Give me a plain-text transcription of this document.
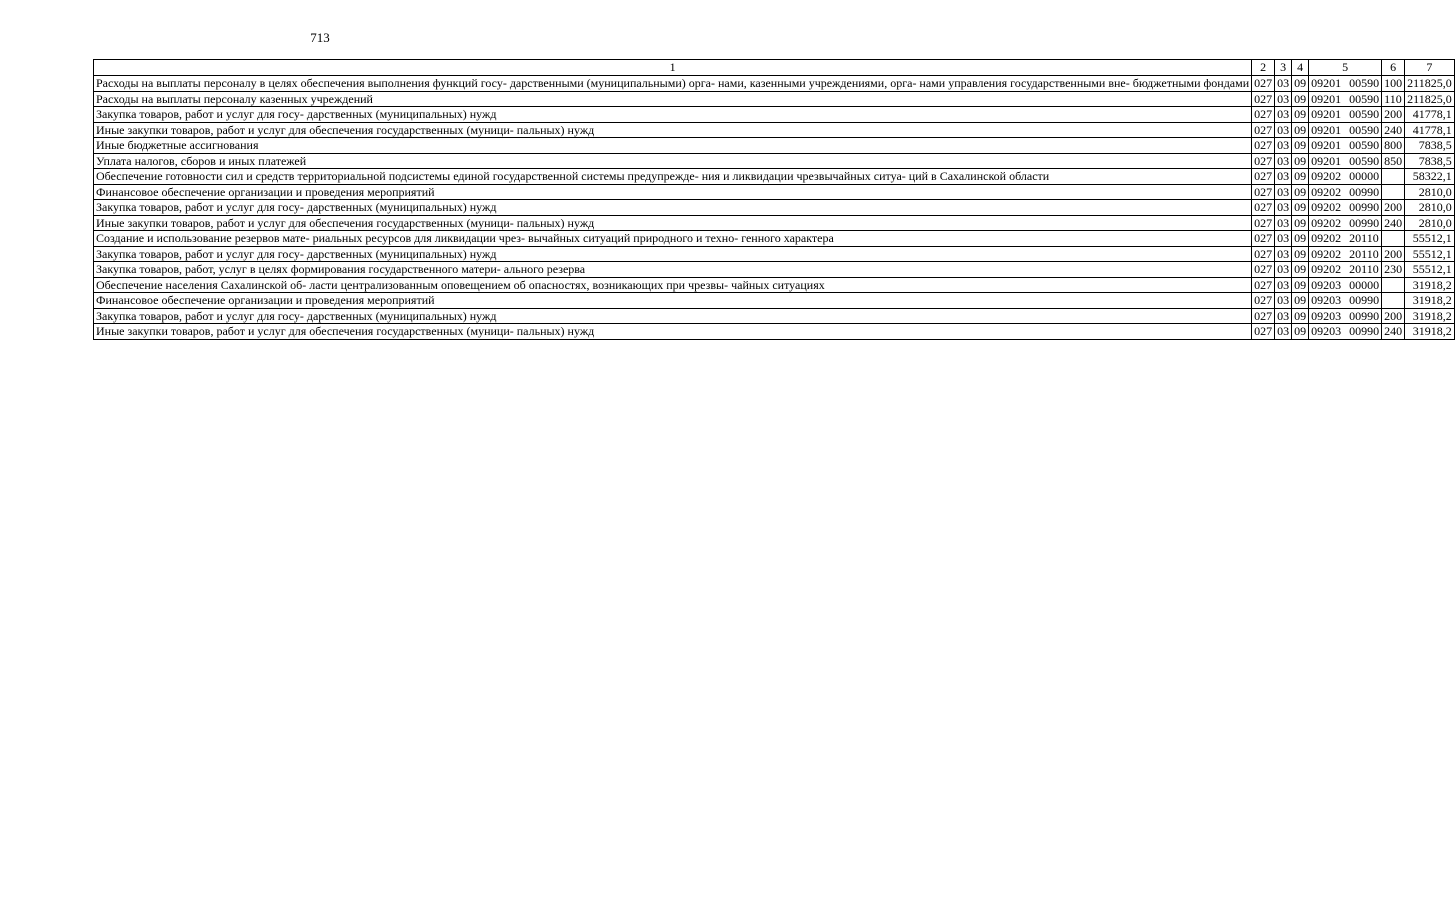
713
1	2	3	4	5	6	7
Расходы на выплаты персоналу в целях обеспечения выполнения функций госу- дарственными (муниципальными) орга- нами, казенными учреждениями, орга- нами управления государственными вне- бюджетными фондами	027	03	09	09201 00590	100	211825,0
Расходы на выплаты персоналу казенных учреждений	027	03	09	09201 00590	110	211825,0
Закупка товаров, работ и услуг для госу- дарственных (муниципальных) нужд	027	03	09	09201 00590	200	41778,1
Иные закупки товаров, работ и услуг для обеспечения государственных (муници- пальных) нужд	027	03	09	09201 00590	240	41778,1
Иные бюджетные ассигнования	027	03	09	09201 00590	800	7838,5
Уплата налогов, сборов и иных платежей	027	03	09	09201 00590	850	7838,5
Обеспечение готовности сил и средств территориальной подсистемы единой государственной системы предупрежде- ния и ликвидации чрезвычайных ситуа- ций в Сахалинской области	027	03	09	09202 00000		58322,1
Финансовое обеспечение организации и проведения мероприятий	027	03	09	09202 00990		2810,0
Закупка товаров, работ и услуг для госу- дарственных (муниципальных) нужд	027	03	09	09202 00990	200	2810,0
Иные закупки товаров, работ и услуг для обеспечения государственных (муници- пальных) нужд	027	03	09	09202 00990	240	2810,0
Создание и использование резервов мате- риальных ресурсов для ликвидации чрез- вычайных ситуаций природного и техно- генного характера	027	03	09	09202 20110		55512,1
Закупка товаров, работ и услуг для госу- дарственных (муниципальных) нужд	027	03	09	09202 20110	200	55512,1
Закупка товаров, работ, услуг в целях формирования государственного матери- ального резерва	027	03	09	09202 20110	230	55512,1
Обеспечение населения Сахалинской об- ласти централизованным оповещением об опасностях, возникающих при чрезвы- чайных ситуациях	027	03	09	09203 00000		31918,2
Финансовое обеспечение организации и проведения мероприятий	027	03	09	09203 00990		31918,2
Закупка товаров, работ и услуг для госу- дарственных (муниципальных) нужд	027	03	09	09203 00990	200	31918,2
Иные закупки товаров, работ и услуг для обеспечения государственных (муници- пальных) нужд	027	03	09	09203 00990	240	31918,2
